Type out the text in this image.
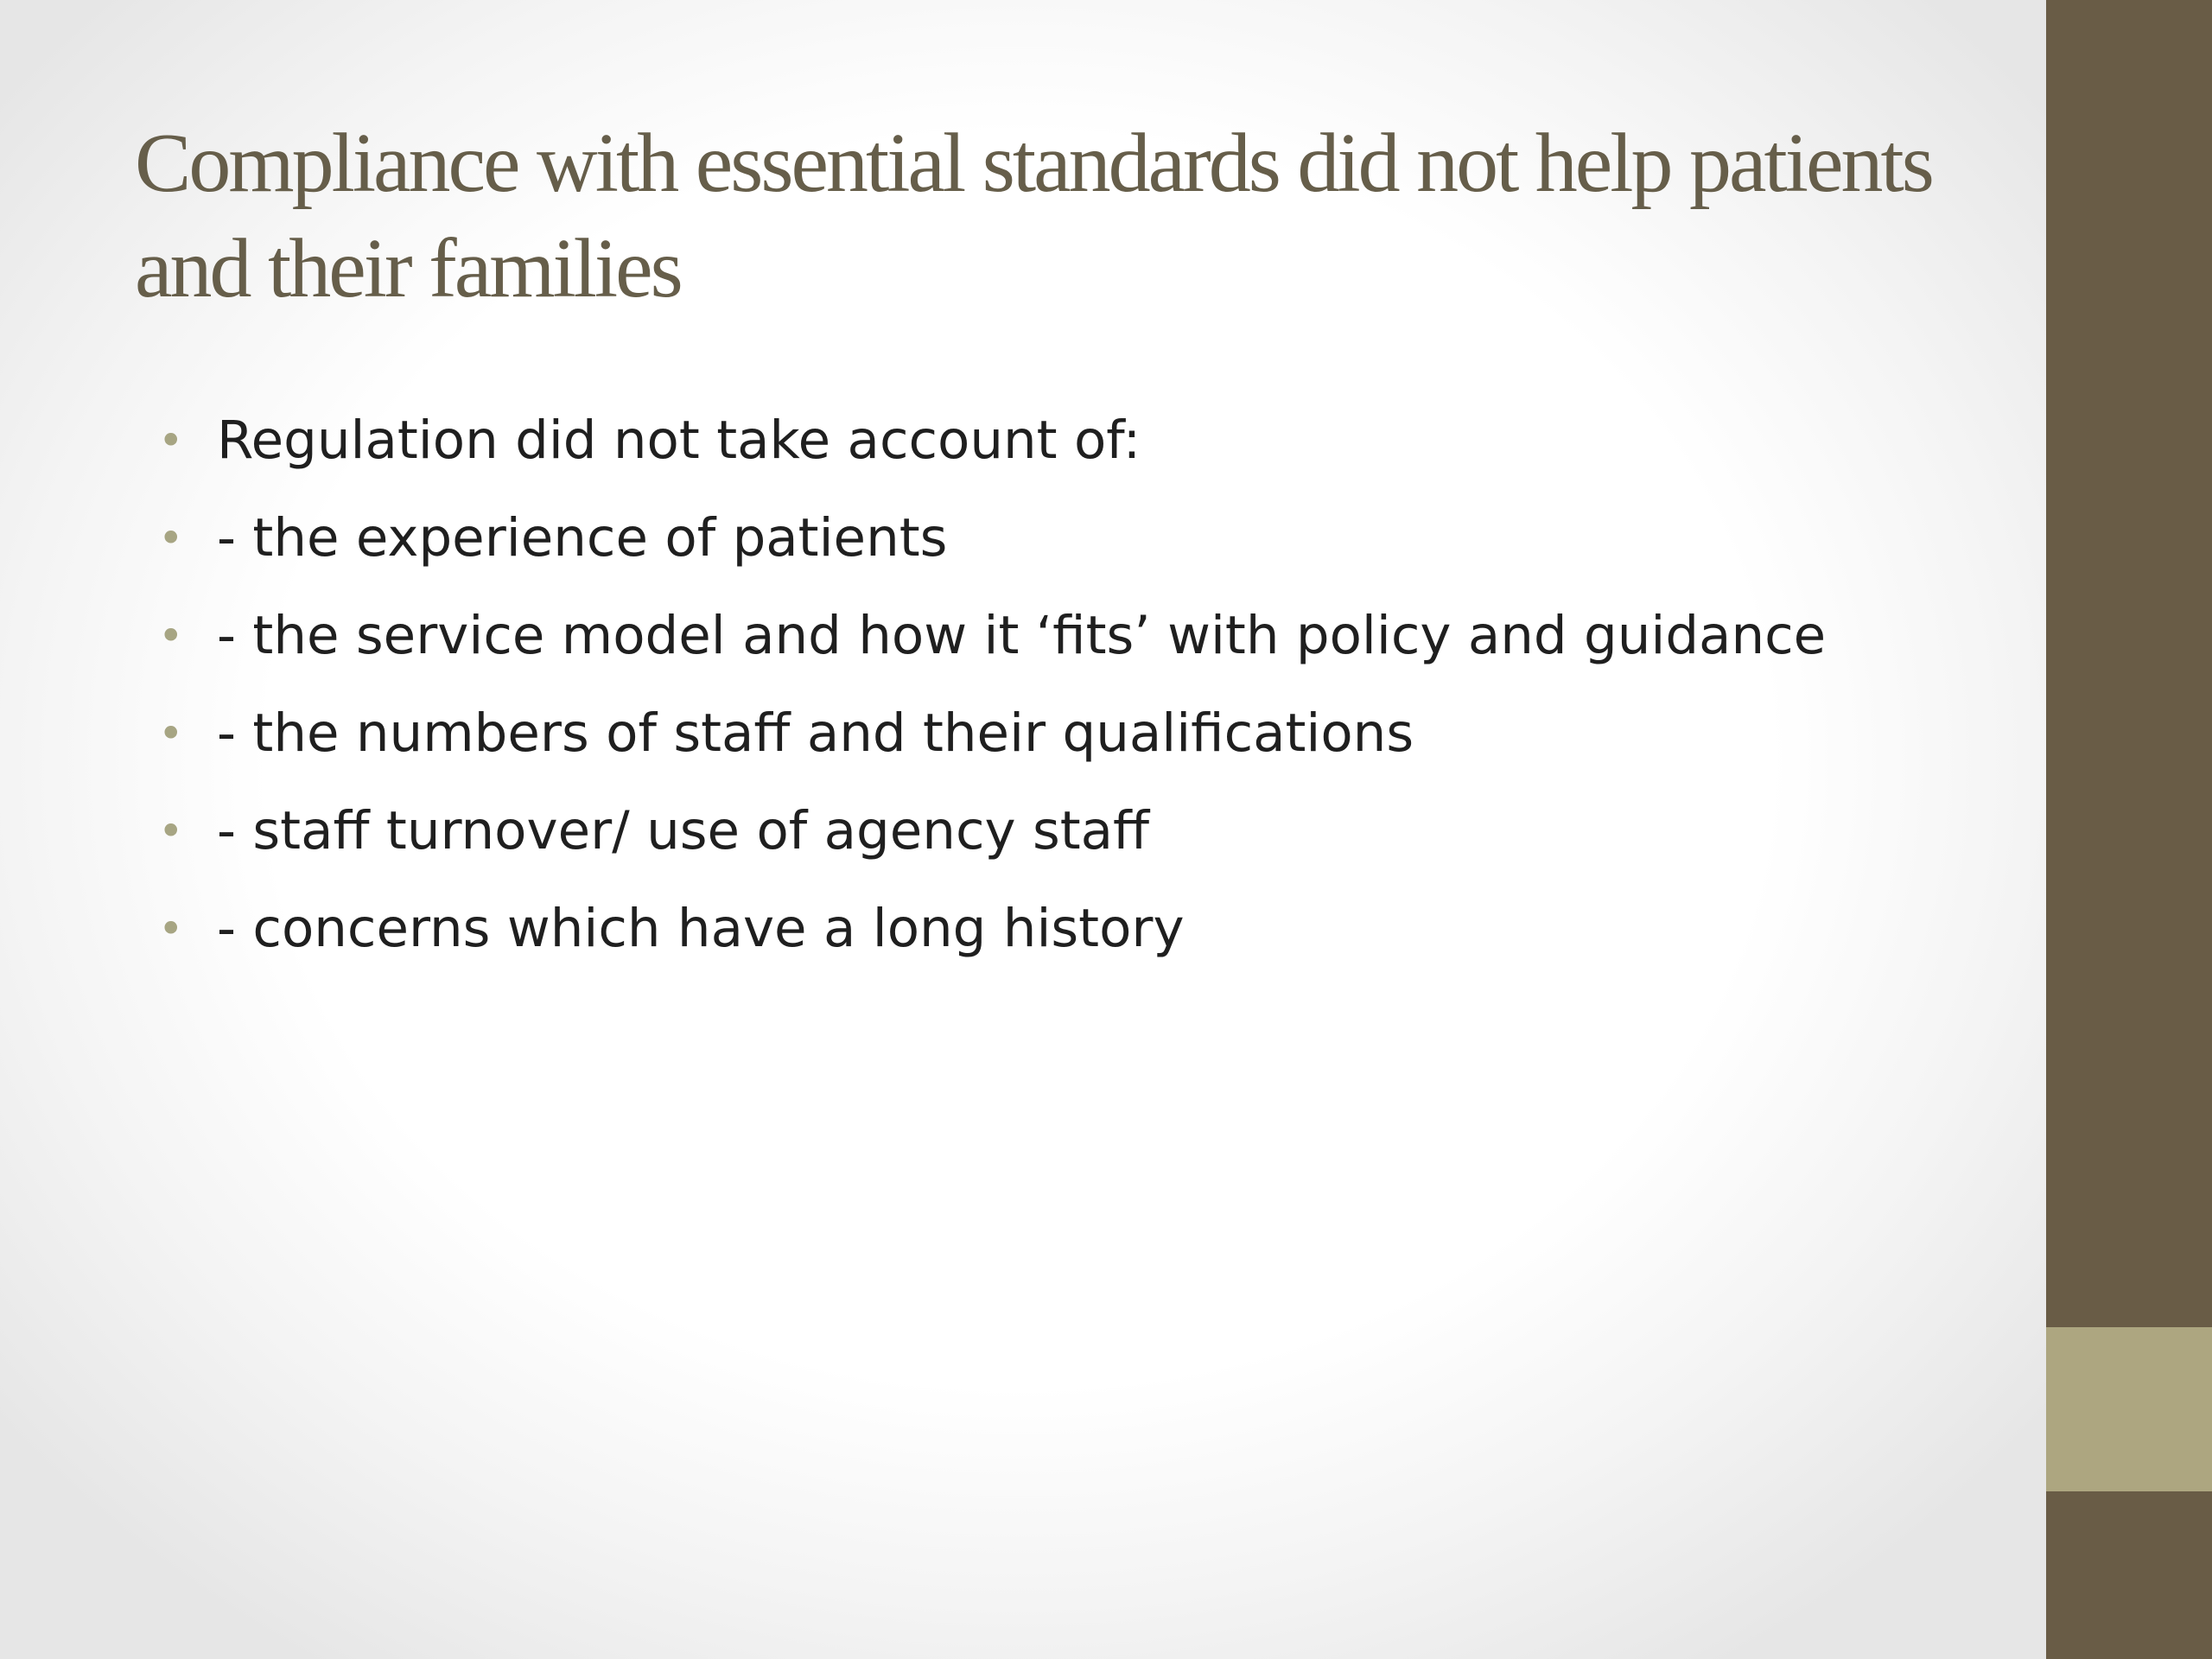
Compliance with essential standards did not help patients and their families
• Regulation did not take account of:
• - the experience of patients
• - the service model and how it ‘fits’ with policy and guidance
• - the numbers of staff and their qualifications
• - staff turnover/ use of agency staff
• - concerns which have a long history
